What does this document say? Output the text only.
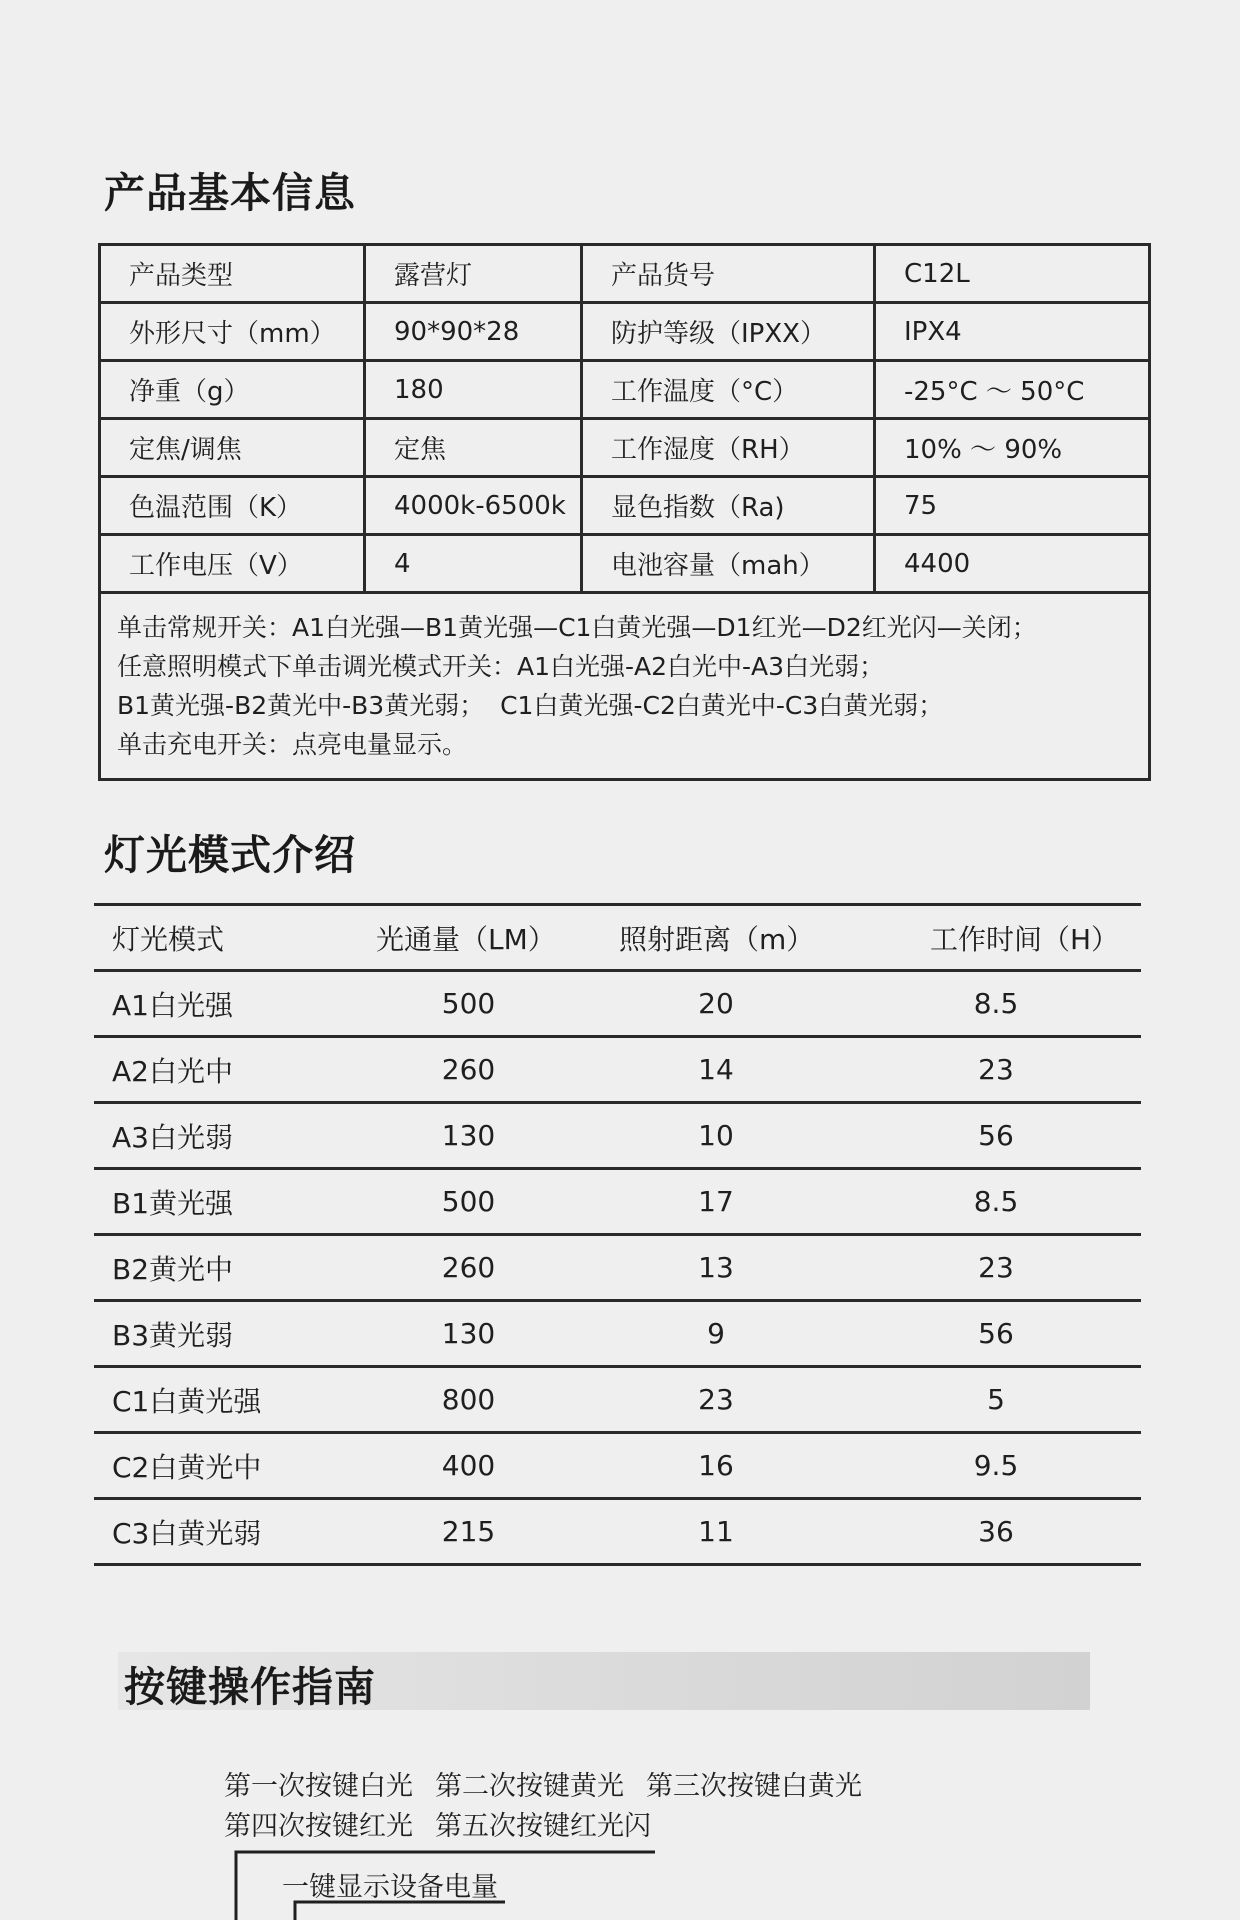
产品基本信息
产品类型	露营灯	产品货号	C12L
外形尺寸（mm）	90*90*28	防护等级（IPXX）	IPX4
净重（g）	180	工作温度（°C）	-25°C ～ 50°C
定焦/调焦	定焦	工作湿度（RH）	10% ～ 90%
色温范围（K）	4000k-6500k	显色指数（Ra)	75
工作电压（V）	4	电池容量（mah）	4400

单击常规开关：A1白光强—B1黄光强—C1白黄光强—D1红光—D2红光闪—关闭；
任意照明模式下单击调光模式开关：A1白光强-A2白光中-A3白光弱；
B1黄光强-B2黄光中-B3黄光弱；  C1白黄光强-C2白黄光中-C3白黄光弱；
单击充电开关：点亮电量显示。			
灯光模式介绍
灯光模式	光通量（LM）	照射距离（m）	工作时间（H）
A1白光强	500	20	8.5
A2白光中	260	14	23
A3白光弱	130	10	56
B1黄光强	500	17	8.5
B2黄光中	260	13	23
B3黄光弱	130	9	56
C1白黄光强	800	23	5
C2白黄光中	400	16	9.5
C3白黄光弱	215	11	36
按键操作指南
第一次按键白光 第二次按键黄光 第三次按键白黄光
第四次按键红光 第五次按键红光闪
一键显示设备电量
